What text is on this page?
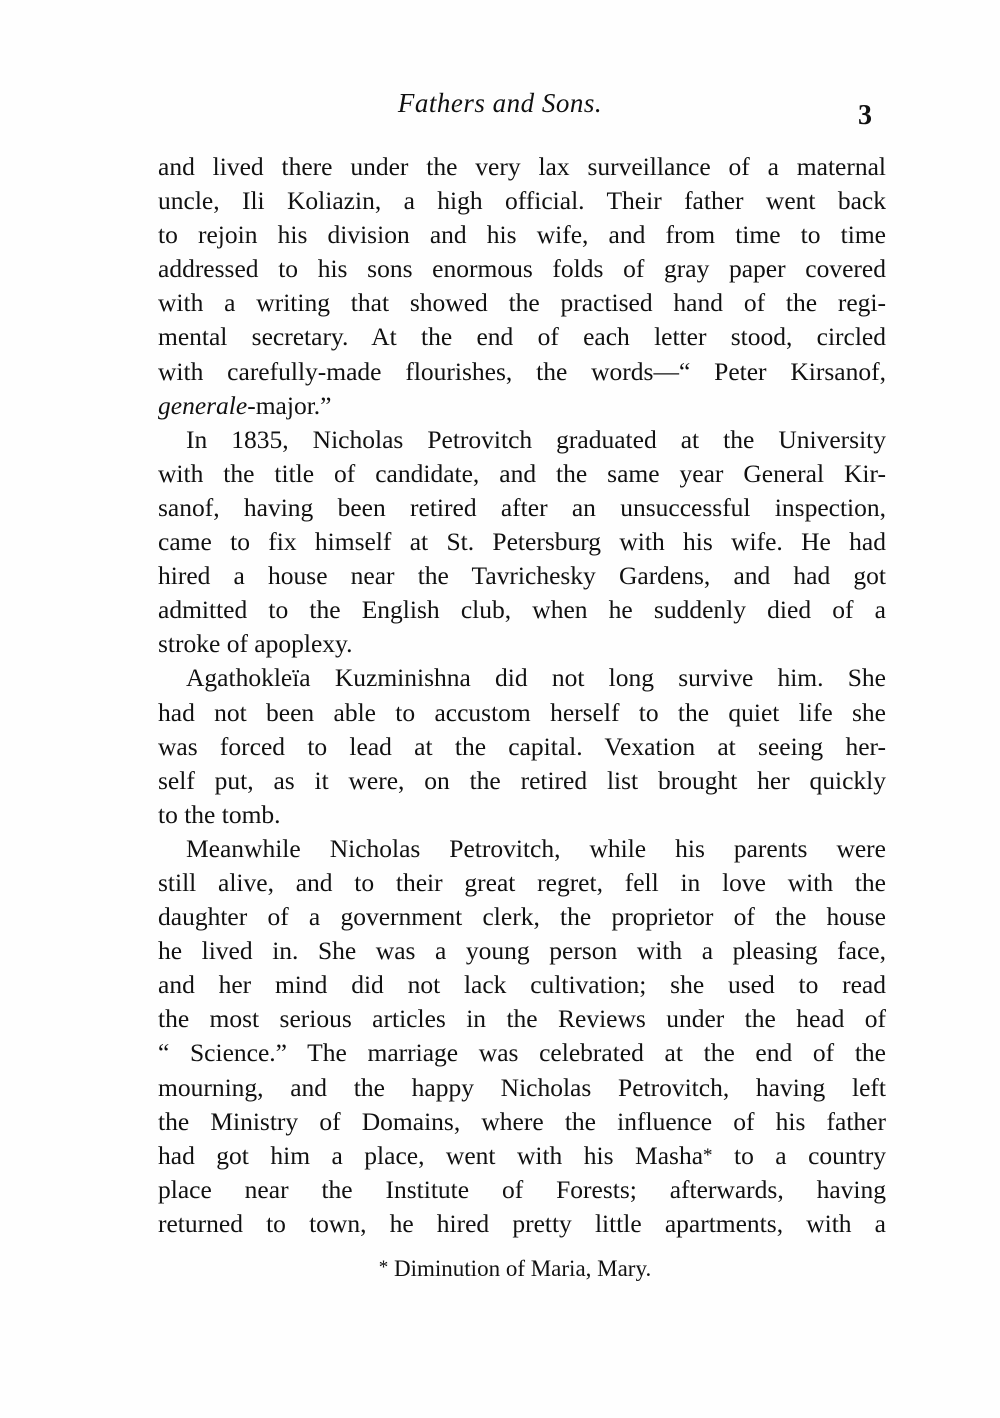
Fathers and Sons.	3
and lived there under the very lax surveillance of a maternal
uncle, Ili Koliazin, a high official. Their father went back
to rejoin his division and his wife, and from time to time
addressed to his sons enormous folds of gray paper covered
with a writing that showed the practised hand of the regi-
mental secretary. At the end of each letter stood, circled
with carefully-made flourishes, the words—“ Peter Kirsanof,
generale-major.”
In 1835, Nicholas Petrovitch graduated at the University
with the title of candidate, and the same year General Kir-
sanof, having been retired after an unsuccessful inspection,
came to fix himself at St. Petersburg with his wife. He had
hired a house near the Tavrichesky Gardens, and had got
admitted to the English club, when he suddenly died of a
stroke of apoplexy.
Agathokleïa Kuzminishna did not long survive him. She
had not been able to accustom herself to the quiet life she
was forced to lead at the capital. Vexation at seeing her-
self put, as it were, on the retired list brought her quickly
to the tomb.
Meanwhile Nicholas Petrovitch, while his parents were
still alive, and to their great regret, fell in love with the
daughter of a government clerk, the proprietor of the house
he lived in. She was a young person with a pleasing face,
and her mind did not lack cultivation; she used to read
the most serious articles in the Reviews under the head of
“ Science.” The marriage was celebrated at the end of the
mourning, and the happy Nicholas Petrovitch, having left
the Ministry of Domains, where the influence of his father
had got him a place, went with his Masha* to a country
place near the Institute of Forests; afterwards, having
returned to town, he hired pretty little apartments, with a
* Diminution of Maria, Mary.
